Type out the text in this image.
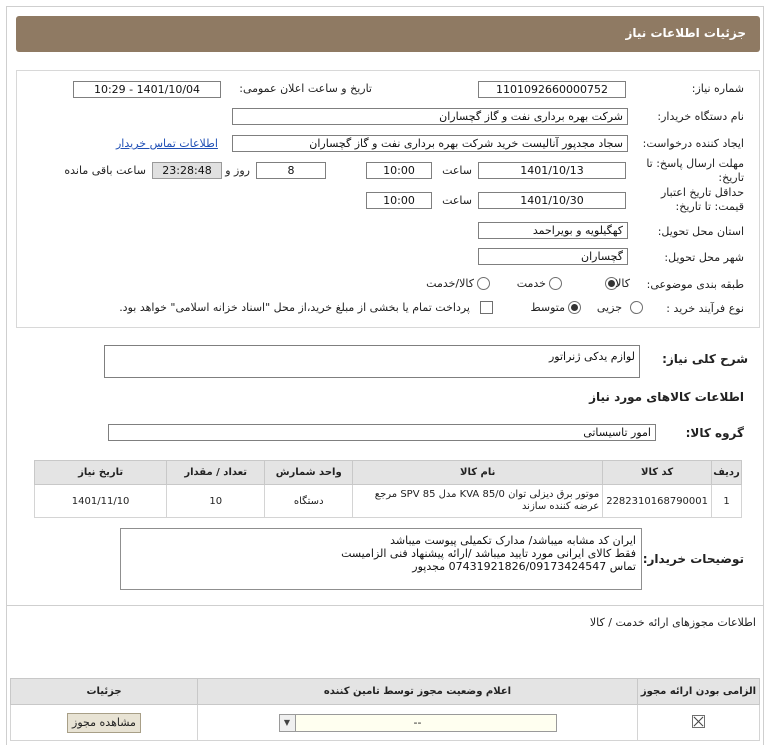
جزئیات اطلاعات نیاز
شماره نیاز:
1101092660000752
تاریخ و ساعت اعلان عمومی:
1401/10/04 - 10:29
نام دستگاه خریدار:
شرکت بهره برداری نفت و گاز گچساران
ایجاد کننده درخواست:
سجاد مجدپور آنالیست خرید شرکت بهره برداری نفت و گاز گچساران
اطلاعات تماس خریدار
مهلت ارسال پاسخ: تا
تاریخ:
1401/10/13
ساعت
10:00
8
روز و
23:28:48
ساعت باقی مانده
حداقل تاریخ اعتبار
قیمت: تا تاریخ:
1401/10/30
ساعت
10:00
استان محل تحویل:
کهگیلویه و بویراحمد
شهر محل تحویل:
گچساران
طبقه بندی موضوعی:
کالا
خدمت
کالا/خدمت
نوع فرآیند خرید :
جزیی
متوسط
پرداخت تمام یا بخشی از مبلغ خرید،از محل "اسناد خزانه اسلامی" خواهد بود.
شرح کلی نیاز:
لوازم یدکی ژنراتور
اطلاعات کالاهای مورد نیاز
گروه کالا:
امور تاسیساتی
ردیف	کد کالا	نام کالا	واحد شمارش	تعداد / مقدار	تاریخ نیاز
1	2282310168790001	موتور برق دیزلی توان KVA 85/0 مدل SPV 85 مرجع عرضه کننده سازند	دستگاه	10	1401/11/10
توضیحات خریدار:
ایران کد مشابه میباشد/ مدارک تکمیلی پیوست میباشد
فقط کالای ایرانی مورد تایید میباشد /ارائه پیشنهاد فنی الزامیست
تماس 07431921826/09173424547 مجدپور
اطلاعات مجوزهای ارائه خدمت / کالا
الزامی بودن ارائه مجوز	اعلام وضعیت مجوز توسط تامین کننده	جزئیات

	▼ --	مشاهده مجوز
